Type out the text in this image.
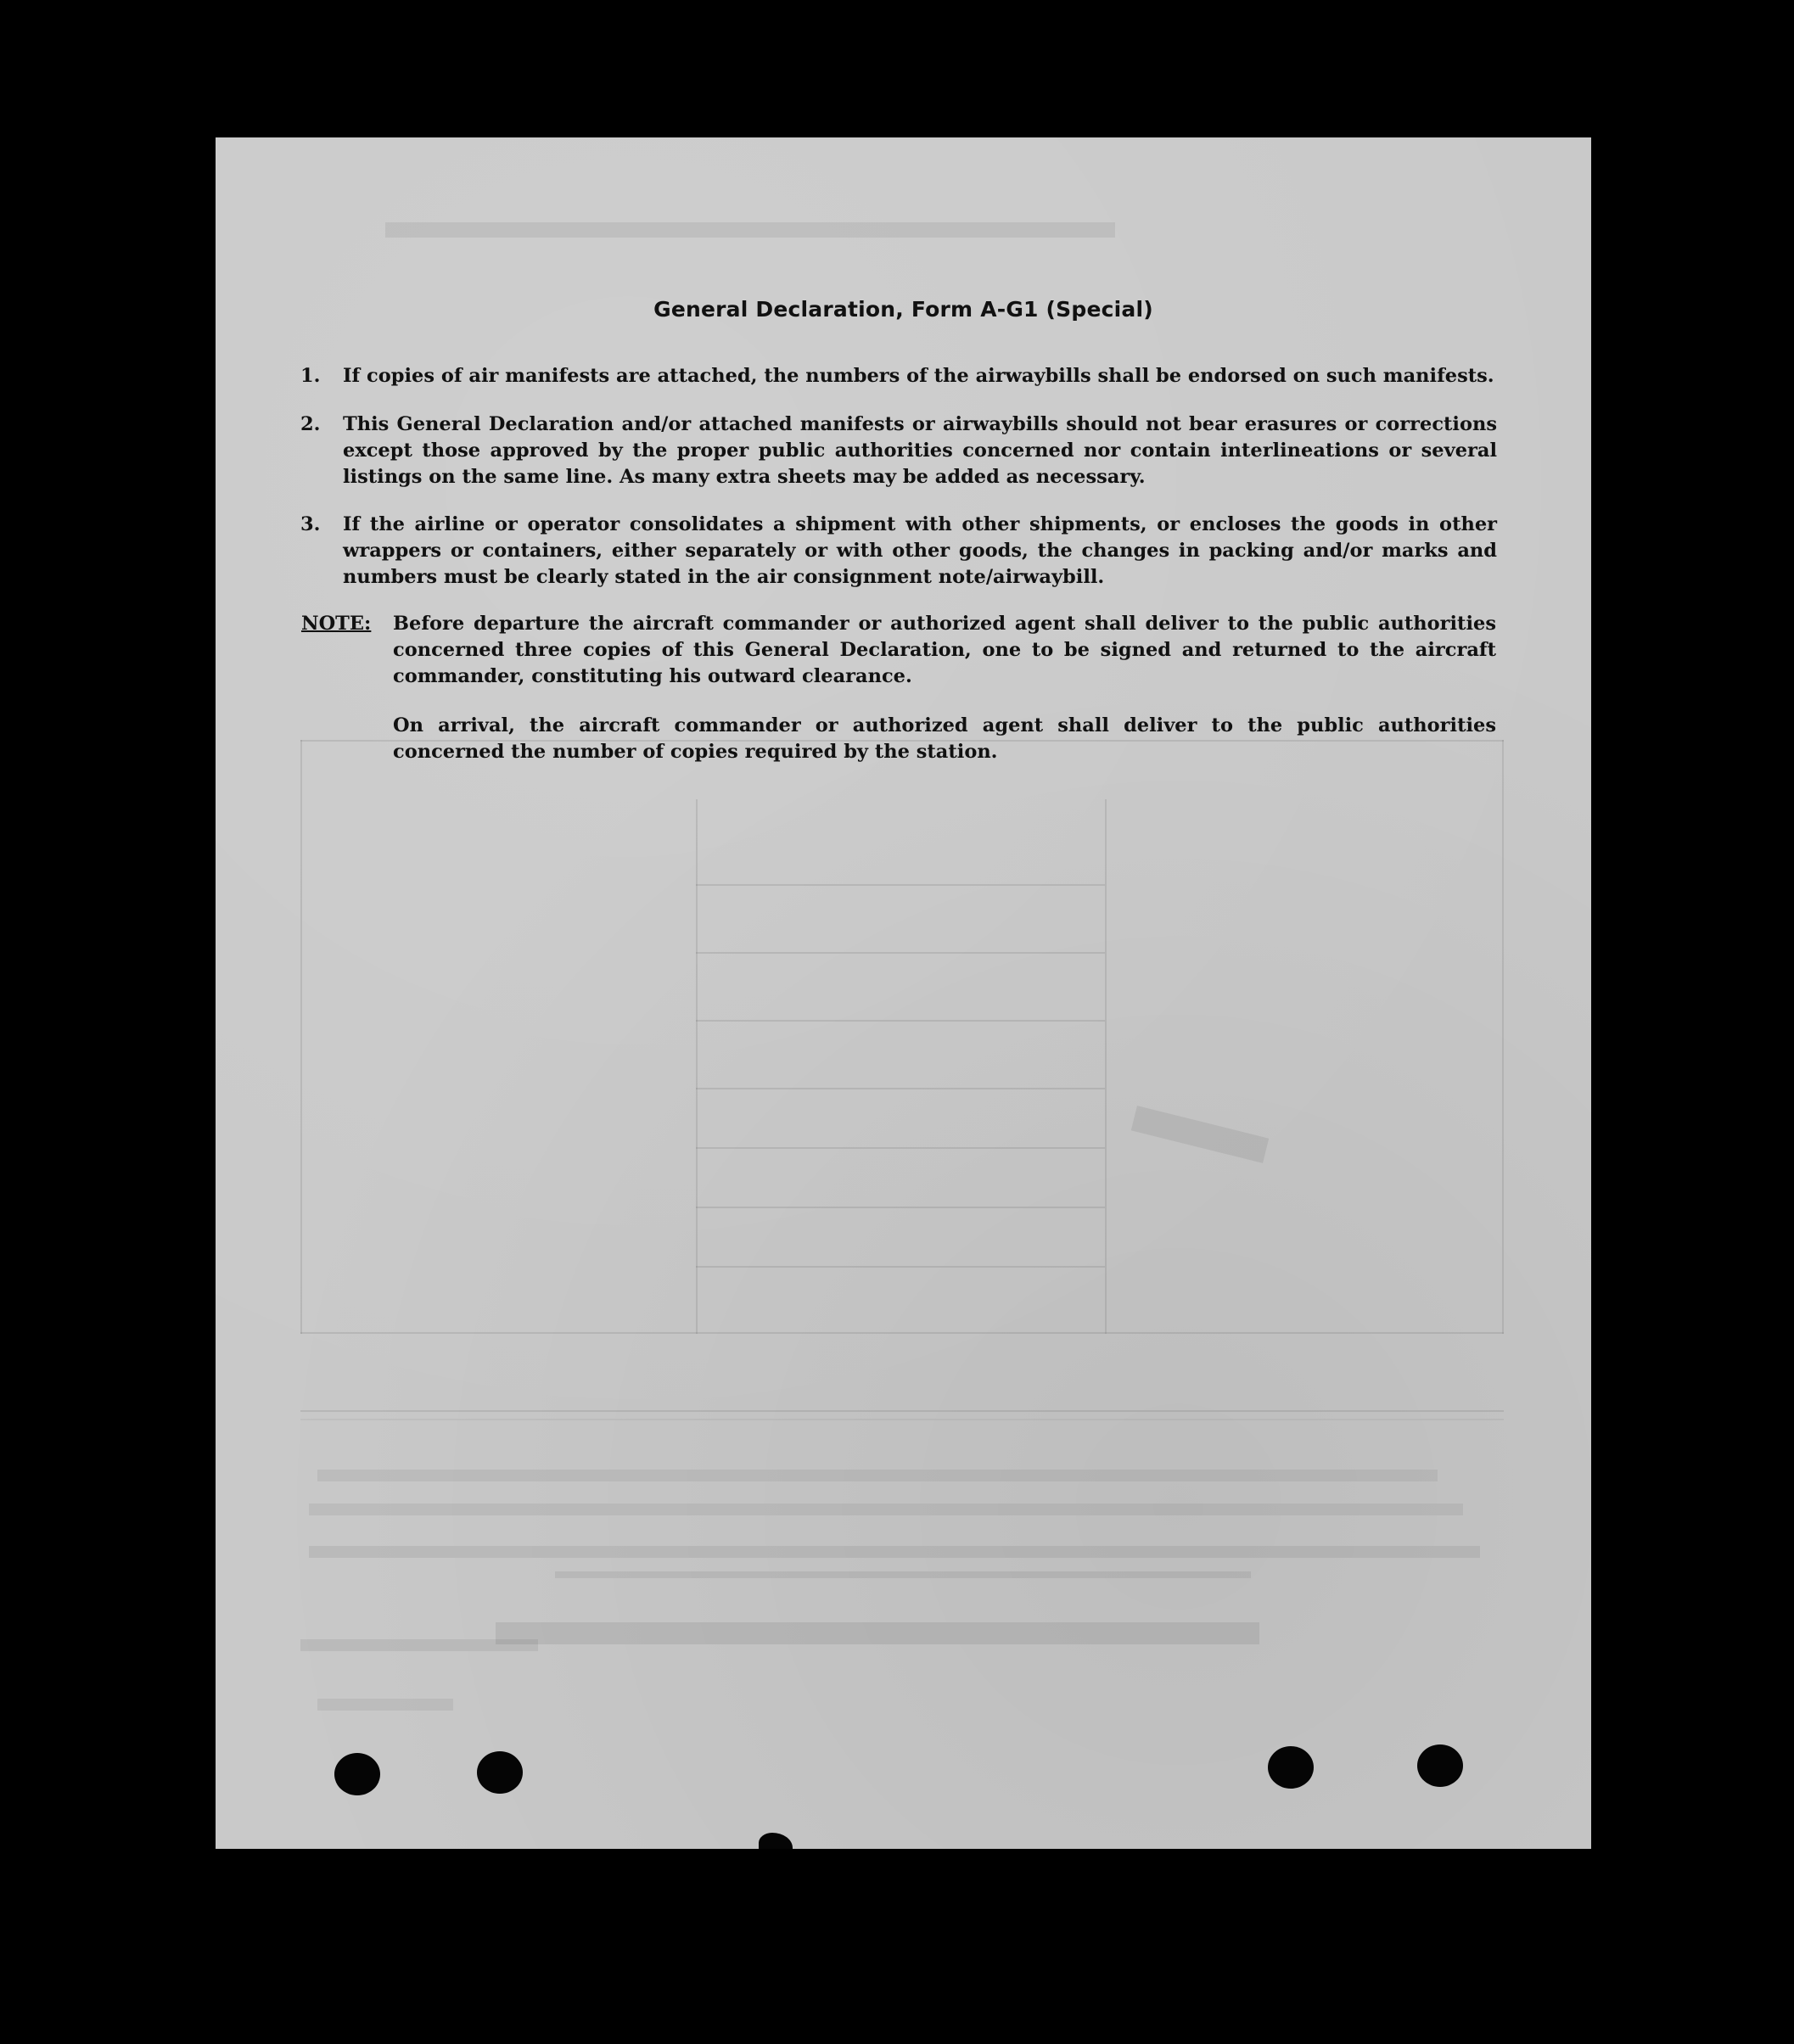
General Declaration, Form A-G1 (Special)
1. If copies of air manifests are attached, the numbers of the airwaybills shall be endorsed on such manifests.
2. This General Declaration and/or attached manifests or airwaybills should not bear erasures or corrections except those approved by the proper public authorities concerned nor contain interlineations or several listings on the same line. As many extra sheets may be added as necessary.
3. If the airline or operator consolidates a shipment with other shipments, or encloses the goods in other wrappers or containers, either separately or with other goods, the changes in packing and/or marks and numbers must be clearly stated in the air consignment note/airwaybill.
NOTE: Before departure the aircraft commander or authorized agent shall deliver to the public authorities concerned three copies of this General Declaration, one to be signed and returned to the aircraft commander, constituting his outward clearance.
On arrival, the aircraft commander or authorized agent shall deliver to the public authorities concerned the number of copies required by the station.
